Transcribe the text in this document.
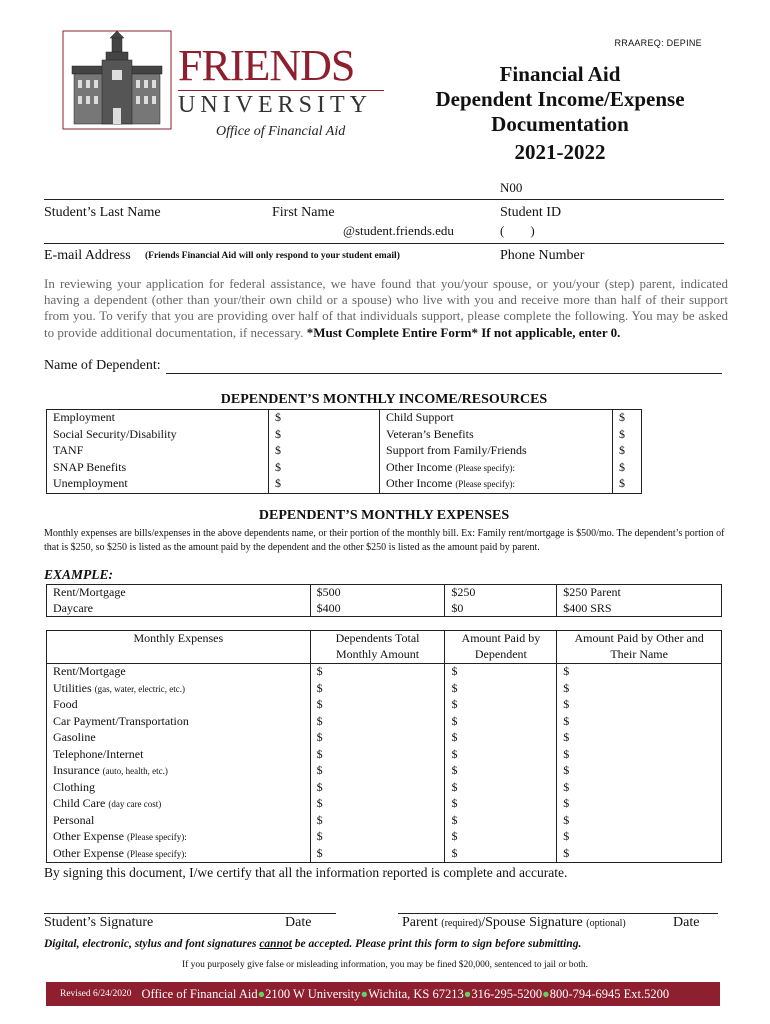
RRAAREQ: DEPINE
FRIENDS
UNIVERSITY
Office of Financial Aid
Financial Aid
Dependent Income/Expense
Documentation
2021-2022
N00
Student’s Last Name	First Name	Student ID
@student.friends.edu	(        )
E-mail Address (Friends Financial Aid will only respond to your student email)	Phone Number
In reviewing your application for federal assistance, we have found that you/your spouse, or you/your (step) parent, indicated having a dependent (other than your/their own child or a spouse) who live with you and receive more than half of their support from you. To verify that you are providing over half of that individuals support, please complete the following. You may be asked to provide additional documentation, if necessary. *Must Complete Entire Form* If not applicable, enter 0.
Name of Dependent:
DEPENDENT’S MONTHLY INCOME/RESOURCES
Employment	$	Child Support	$
Social Security/Disability	$	Veteran’s Benefits	$
TANF	$	Support from Family/Friends	$
SNAP Benefits	$	Other Income (Please specify):	$
Unemployment	$	Other Income (Please specify):	$
DEPENDENT’S MONTHLY EXPENSES
Monthly expenses are bills/expenses in the above dependents name, or their portion of the monthly bill. Ex: Family rent/mortgage is $500/mo. The dependent’s portion of that is $250, so $250 is listed as the amount paid by the dependent and the other $250 is listed as the amount paid by parent.
EXAMPLE:
Rent/Mortgage	$500	$250	$250 Parent
Daycare	$400	$0	$400 SRS
Monthly Expenses	Dependents Total Monthly Amount	Amount Paid by Dependent	Amount Paid by Other and Their Name
Rent/Mortgage	$	$	$
Utilities (gas, water, electric, etc.)	$	$	$
Food	$	$	$
Car Payment/Transportation	$	$	$
Gasoline	$	$	$
Telephone/Internet	$	$	$
Insurance (auto, health, etc.)	$	$	$
Clothing	$	$	$
Child Care (day care cost)	$	$	$
Personal	$	$	$
Other Expense (Please specify):	$	$	$
Other Expense (Please specify):	$	$	$
By signing this document, I/we certify that all the information reported is complete and accurate.
Student’s Signature	Date	Parent (required)/Spouse Signature (optional)	Date
Digital, electronic, stylus and font signatures cannot be accepted. Please print this form to sign before submitting.
If you purposely give false or misleading information, you may be fined $20,000, sentenced to jail or both.
Revised 6/24/2020 Office of Financial Aid ● 2100 W University ● Wichita, KS 67213 ● 316-295-5200 ● 800-794-6945 Ext.5200
